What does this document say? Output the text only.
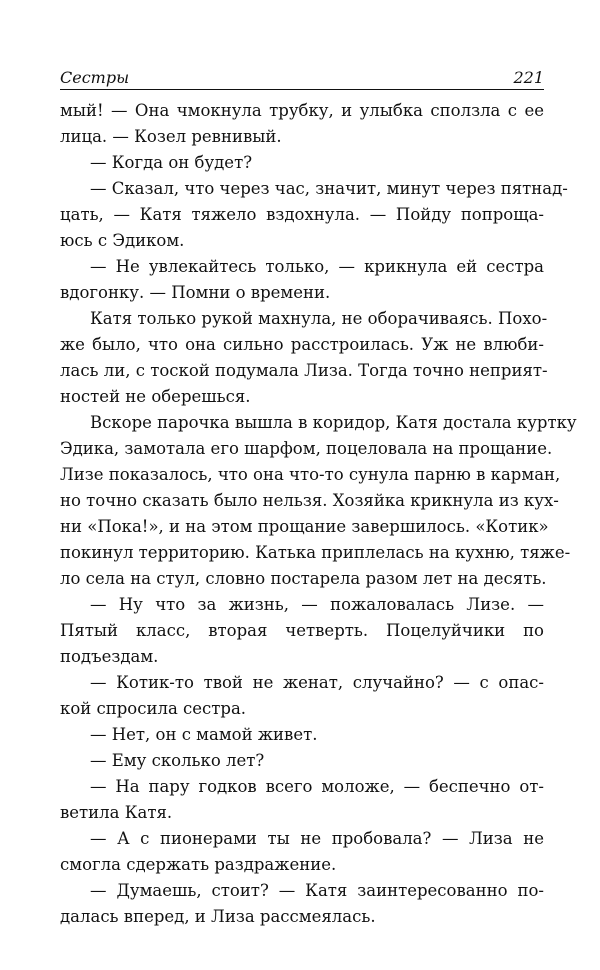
Сестры	221

мый! — Она чмокнула трубку, и улыбка сползла с ее
лица. — Козел ревнивый.

— Когда он будет?

— Сказал, что через час, значит, минут через пятнад-
цать, — Катя тяжело вздохнула. — Пойду попроща-
юсь с Эдиком.

— Не увлекайтесь только, — крикнула ей сестра
вдогонку. — Помни о времени.

Катя только рукой махнула, не оборачиваясь. Похо-
же было, что она сильно расстроилась. Уж не влюби-
лась ли, с тоской подумала Лиза. Тогда точно неприят-
ностей не оберешься.

Вскоре парочка вышла в коридор, Катя достала куртку
Эдика, замотала его шарфом, поцеловала на прощание.
Лизе показалось, что она что-то сунула парню в карман,
но точно сказать было нельзя. Хозяйка крикнула из кух-
ни «Пока!», и на этом прощание завершилось. «Котик»
покинул территорию. Катька приплелась на кухню, тяже-
ло села на стул, словно постарела разом лет на десять.

— Ну что за жизнь, — пожаловалась Лизе. —
Пятый класс, вторая четверть. Поцелуйчики по
подъездам.

— Котик-то твой не женат, случайно? — с опас-
кой спросила сестра.

— Нет, он с мамой живет.

— Ему сколько лет?

— На пару годков всего моложе, — беспечно от-
ветила Катя.

— А с пионерами ты не пробовала? — Лиза не
смогла сдержать раздражение.

— Думаешь, стоит? — Катя заинтересованно по-
далась вперед, и Лиза рассмеялась.
